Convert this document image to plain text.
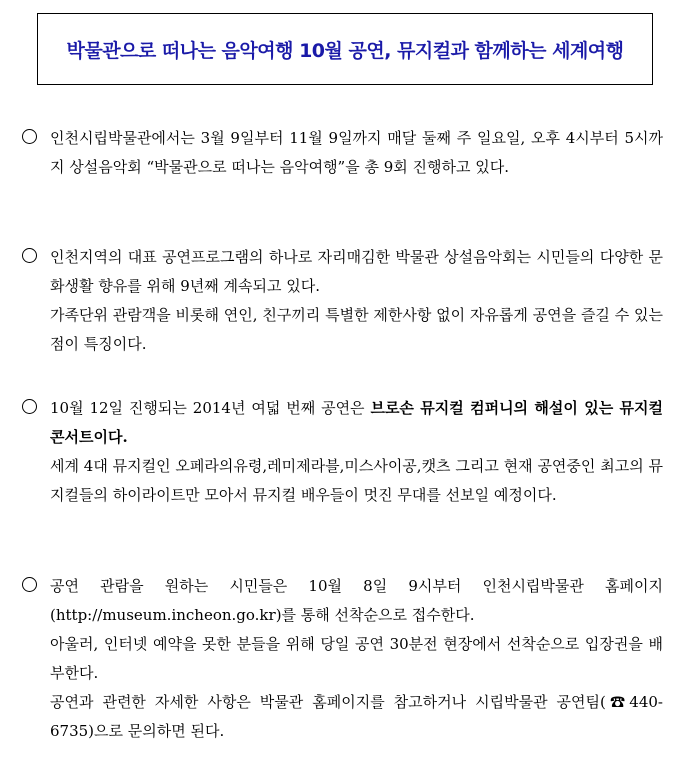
박물관으로 떠나는 음악여행 10월 공연, 뮤지컬과 함께하는 세계여행

인천시립박물관에서는 3월 9일부터 11월 9일까지 매달 둘째 주 일요일, 오후 4시부터 5시까지 상설음악회 “박물관으로 떠나는 음악여행”을 총 9회 진행하고 있다.

인천지역의 대표 공연프로그램의 하나로 자리매김한 박물관 상설음악회는 시민들의 다양한 문화생활 향유를 위해 9년째 계속되고 있다.

가족단위 관람객을 비롯해 연인, 친구끼리 특별한 제한사항 없이 자유롭게 공연을 즐길 수 있는 점이 특징이다.

10월 12일 진행되는 2014년 여덟 번째 공연은 브로손 뮤지컬 컴퍼니의 해설이 있는 뮤지컬 콘서트이다.

세계 4대 뮤지컬인 오페라의유령,레미제라블,미스사이공,캣츠 그리고 현재 공연중인 최고의 뮤지컬들의 하이라이트만 모아서 뮤지컬 배우들이 멋진 무대를 선보일 예정이다.

공연 관람을 원하는 시민들은 10월 8일 9시부터 인천시립박물관 홈페이지(http://museum.incheon.go.kr)를 통해 선착순으로 접수한다.

아울러, 인터넷 예약을 못한 분들을 위해 당일 공연 30분전 현장에서 선착순으로 입장권을 배부한다.

공연과 관련한 자세한 사항은 박물관 홈페이지를 참고하거나 시립박물관 공연팀(☎440-6735)으로 문의하면 된다.
